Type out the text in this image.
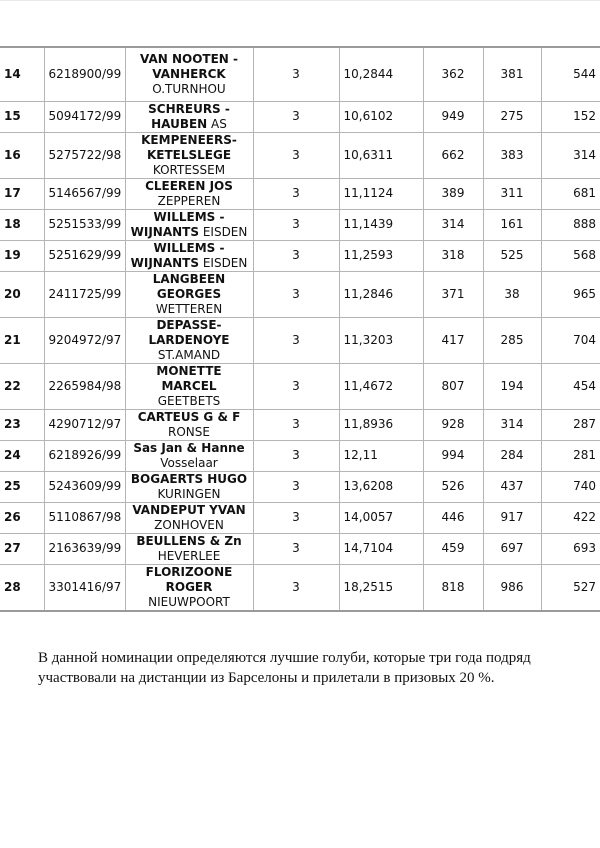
14	6218900/99	VAN NOOTEN - VANHERCK O.TURNHOU	3	10,2844	362	381	544
15	5094172/99	SCHREURS - HAUBEN AS	3	10,6102	949	275	152
16	5275722/98	KEMPENEERS-KETELSLEGE KORTESSEM	3	10,6311	662	383	314
17	5146567/99	CLEEREN JOS ZEPPEREN	3	11,1124	389	311	681
18	5251533/99	WILLEMS - WIJNANTS EISDEN	3	11,1439	314	161	888
19	5251629/99	WILLEMS - WIJNANTS EISDEN	3	11,2593	318	525	568
20	2411725/99	LANGBEEN GEORGES WETTEREN	3	11,2846	371	38	965
21	9204972/97	DEPASSE-LARDENOYE ST.AMAND	3	11,3203	417	285	704
22	2265984/98	MONETTE MARCEL GEETBETS	3	11,4672	807	194	454
23	4290712/97	CARTEUS G & F RONSE	3	11,8936	928	314	287
24	6218926/99	Sas Jan & Hanne Vosselaar	3	12,11	994	284	281
25	5243609/99	BOGAERTS HUGO KURINGEN	3	13,6208	526	437	740
26	5110867/98	VANDEPUT YVAN ZONHOVEN	3	14,0057	446	917	422
27	2163639/99	BEULLENS & Zn HEVERLEE	3	14,7104	459	697	693
28	3301416/97	FLORIZOONE ROGER NIEUWPOORT	3	18,2515	818	986	527
В данной номинации определяются лучшие голуби, которые три года подряд участвовали на дистанции из Барселоны и прилетали в призовых 20 %.
